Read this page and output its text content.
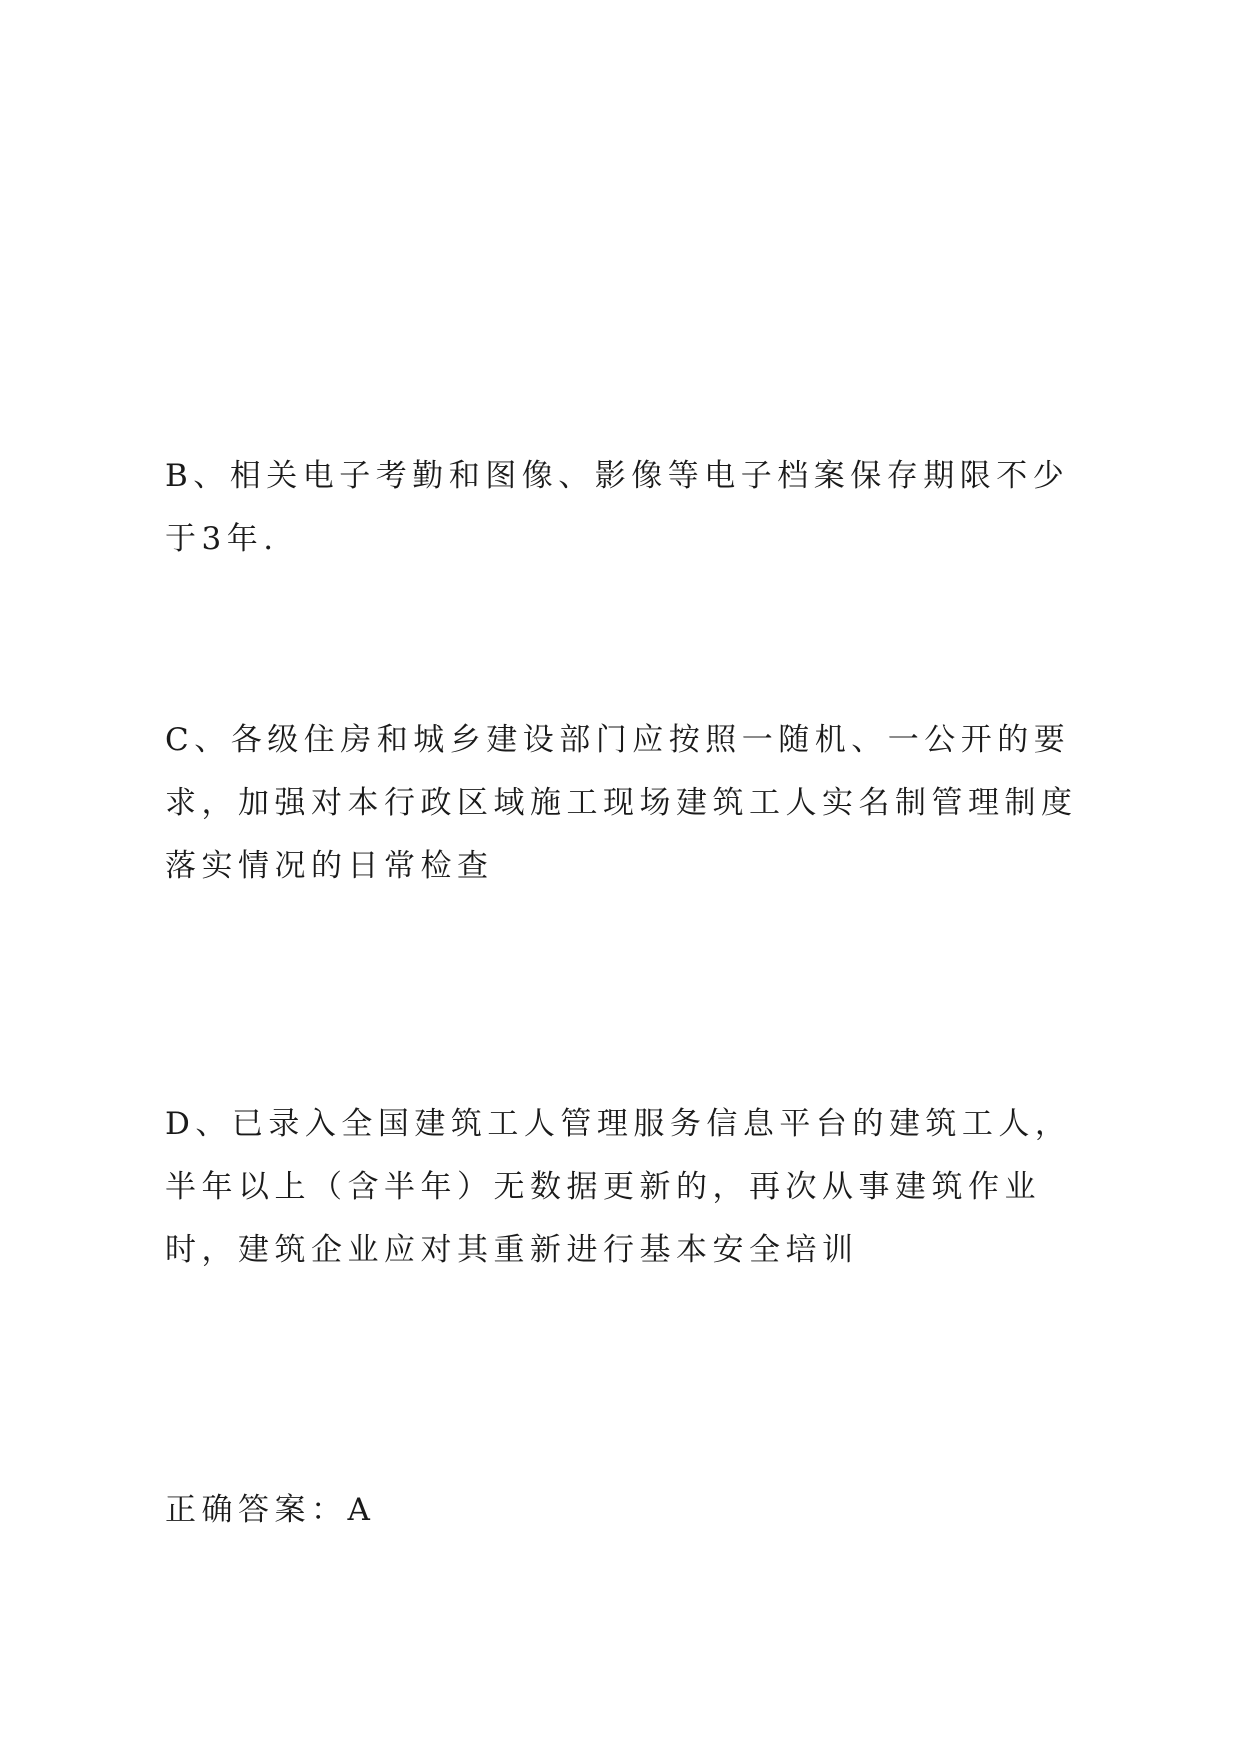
B、相关电子考勤和图像、影像等电子档案保存期限不少于3年.

C、各级住房和城乡建设部门应按照一随机、一公开的要求，加强对本行政区域施工现场建筑工人实名制管理制度落实情况的日常检查

D、已录入全国建筑工人管理服务信息平台的建筑工人，半年以上（含半年）无数据更新的，再次从事建筑作业时，建筑企业应对其重新进行基本安全培训

正确答案：A
